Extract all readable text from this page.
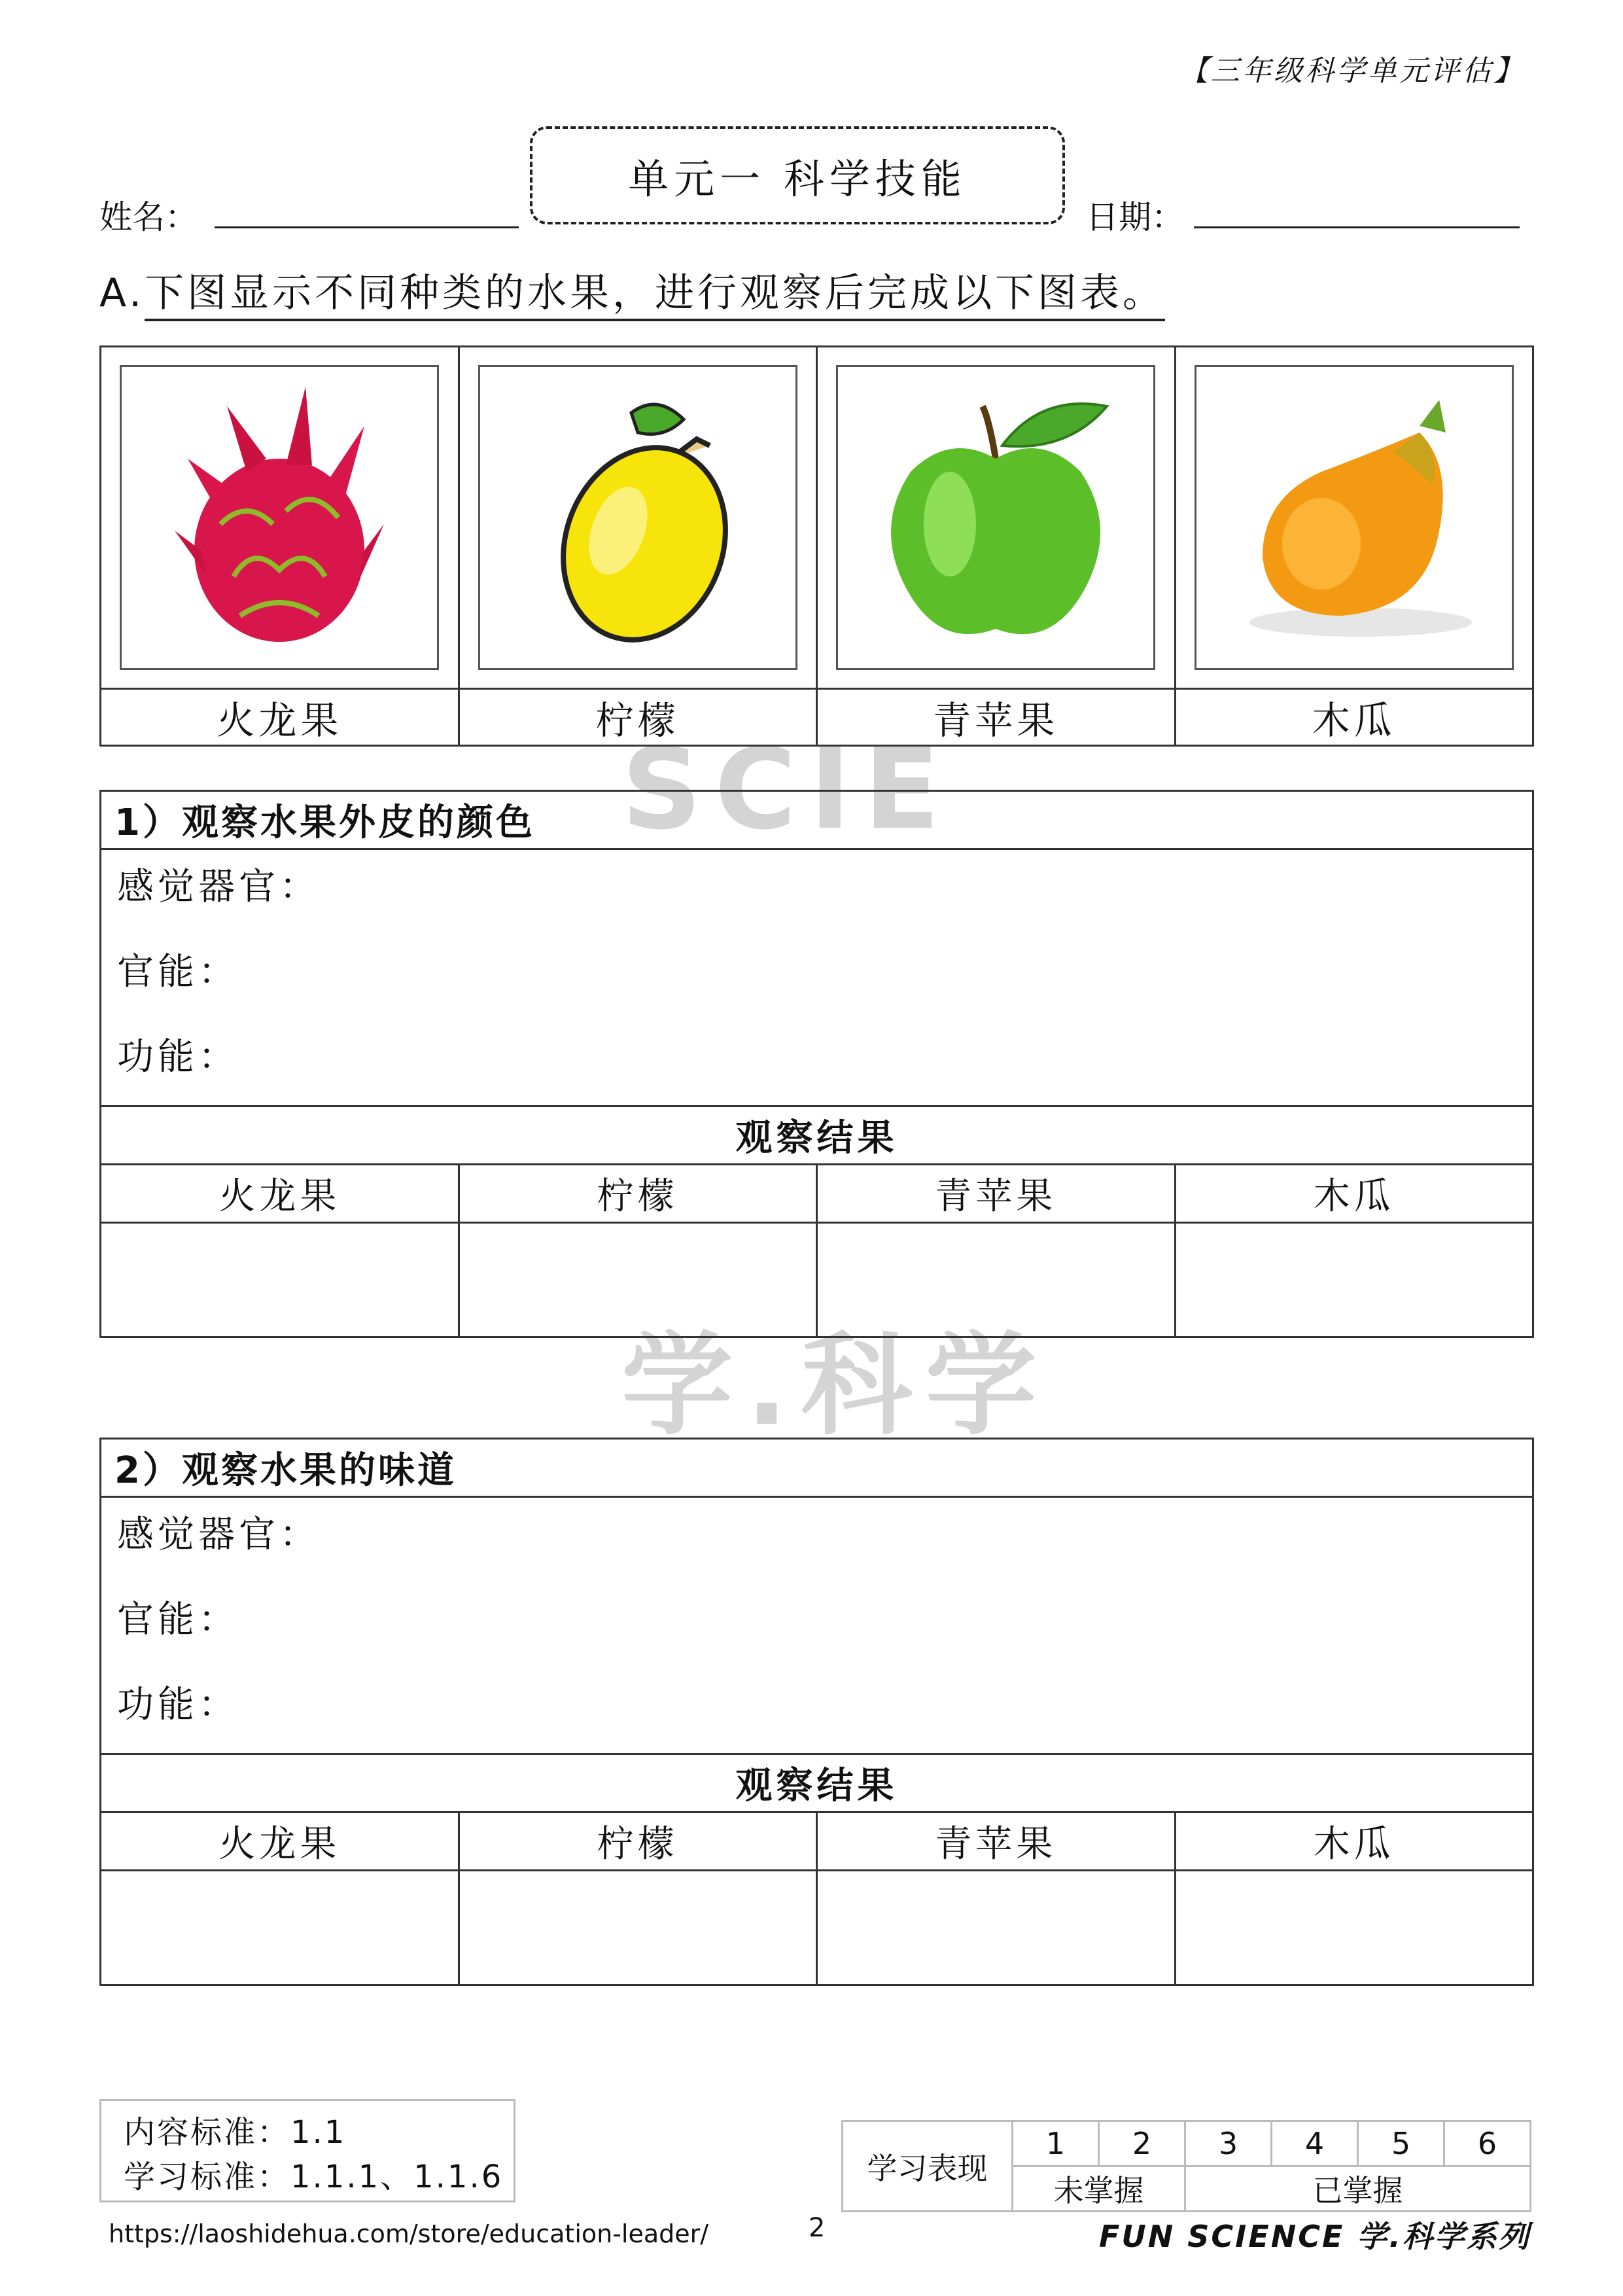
【三年级科学单元评估】
单元一 科学技能
姓名：	日期：
A.下图显示不同种类的水果，进行观察后完成以下图表。
SCIE
学.科学

火龙果	柠檬	青苹果	木瓜
1）观察水果外皮的颜色			

感觉器官：
官能：
功能：			

观察结果			
火龙果	柠檬	青苹果	木瓜

2）观察水果的味道			

感觉器官：
官能：
功能：			

观察结果			
火龙果	柠檬	青苹果	木瓜

内容标准：1.1
学习标准：1.1.1、1.1.6	学习表现	1	2	3	4	5	6
	未掌握		已掌握			
https://laoshidehua.com/store/education-leader/	2	FUN SCIENCE 学.科学系列
